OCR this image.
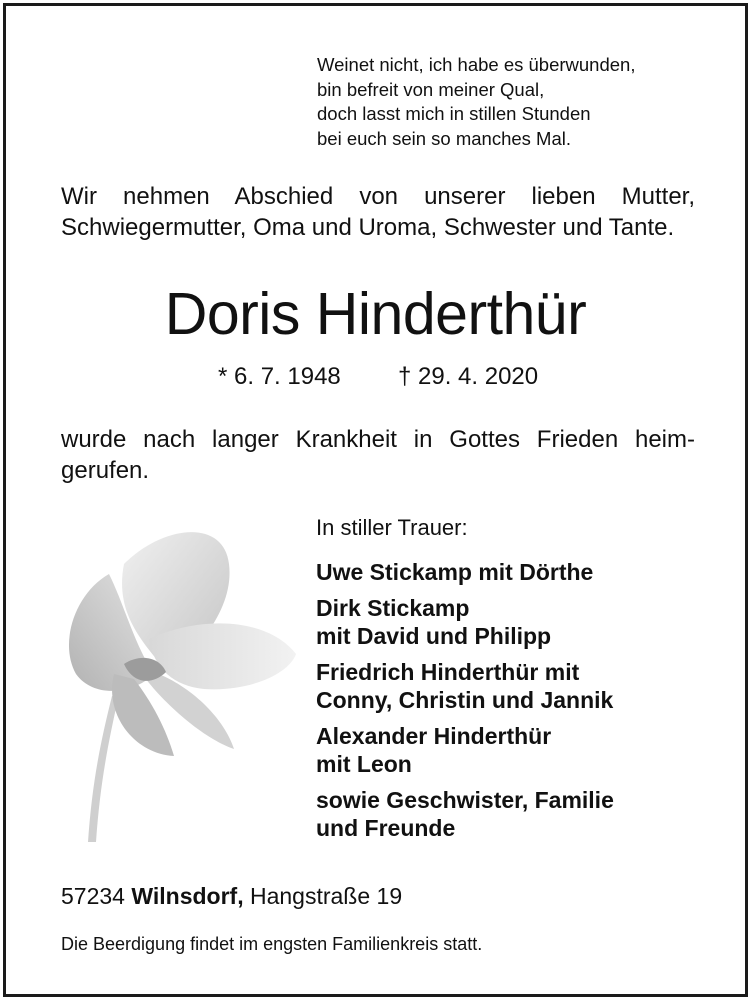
Weinet nicht, ich habe es überwunden,
bin befreit von meiner Qual,
doch lasst mich in stillen Stunden
bei euch sein so manches Mal.
Wir nehmen Abschied von unserer lieben Mutter, Schwiegermutter, Oma und Uroma, Schwester und Tante.
Doris Hinderthür
* 6. 7. 1948 † 29. 4. 2020
wurde nach langer Krankheit in Gottes Frieden heim-
gerufen.
In stiller Trauer:
Uwe Stickamp mit Dörthe
Dirk Stickamp
mit David und Philipp
Friedrich Hinderthür mit
Conny, Christin und Jannik
Alexander Hinderthür
mit Leon
sowie Geschwister, Familie
und Freunde
57234 Wilnsdorf, Hangstraße 19
Die Beerdigung findet im engsten Familienkreis statt.
